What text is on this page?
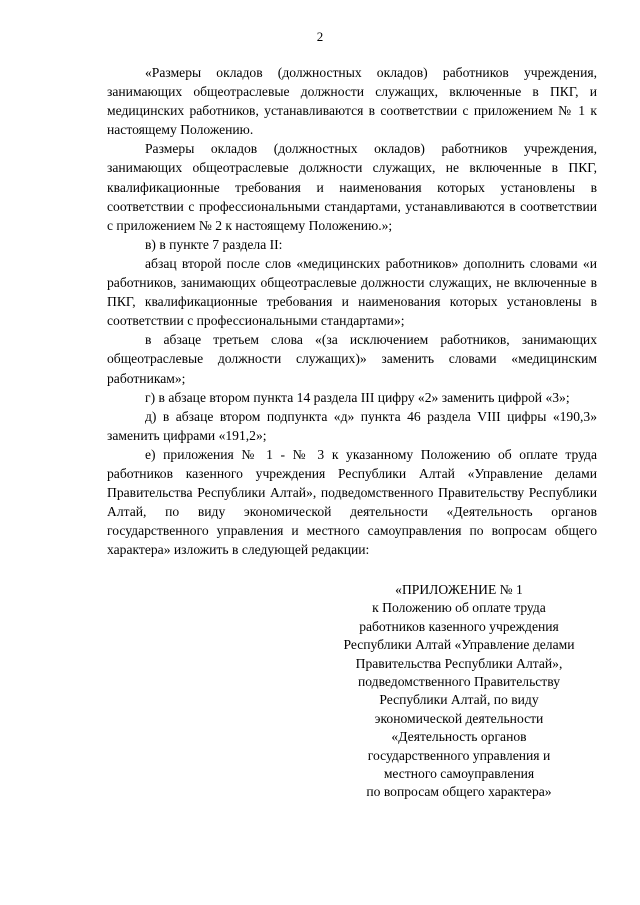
2

«Размеры окладов (должностных окладов) работников учреждения, занимающих общеотраслевые должности служащих, включенные в ПКГ, и медицинских работников, устанавливаются в соответствии с приложением № 1 к настоящему Положению.

Размеры окладов (должностных окладов) работников учреждения, занимающих общеотраслевые должности служащих, не включенные в ПКГ, квалификационные требования и наименования которых установлены в соответствии с профессиональными стандартами, устанавливаются в соответствии с приложением № 2 к настоящему Положению.»;

в) в пункте 7 раздела II:

абзац второй после слов «медицинских работников» дополнить словами «и работников, занимающих общеотраслевые должности служащих, не включенные в ПКГ, квалификационные требования и наименования которых установлены в соответствии с профессиональными стандартами»;

в абзаце третьем слова «(за исключением работников, занимающих общеотраслевые должности служащих)» заменить словами «медицинским работникам»;

г) в абзаце втором пункта 14 раздела III цифру «2» заменить цифрой «3»;

д) в абзаце втором подпункта «д» пункта 46 раздела VIII цифры «190,3» заменить цифрами «191,2»;

е) приложения № 1 - № 3 к указанному Положению об оплате труда работников казенного учреждения Республики Алтай «Управление делами Правительства Республики Алтай», подведомственного Правительству Республики Алтай, по виду экономической деятельности «Деятельность органов государственного управления и местного самоуправления по вопросам общего характера» изложить в следующей редакции:

«ПРИЛОЖЕНИЕ № 1
к Положению об оплате труда
работников казенного учреждения
Республики Алтай «Управление делами
Правительства Республики Алтай»,
подведомственного Правительству
Республики Алтай, по виду
экономической деятельности
«Деятельность органов
государственного управления и
местного самоуправления
по вопросам общего характера»
